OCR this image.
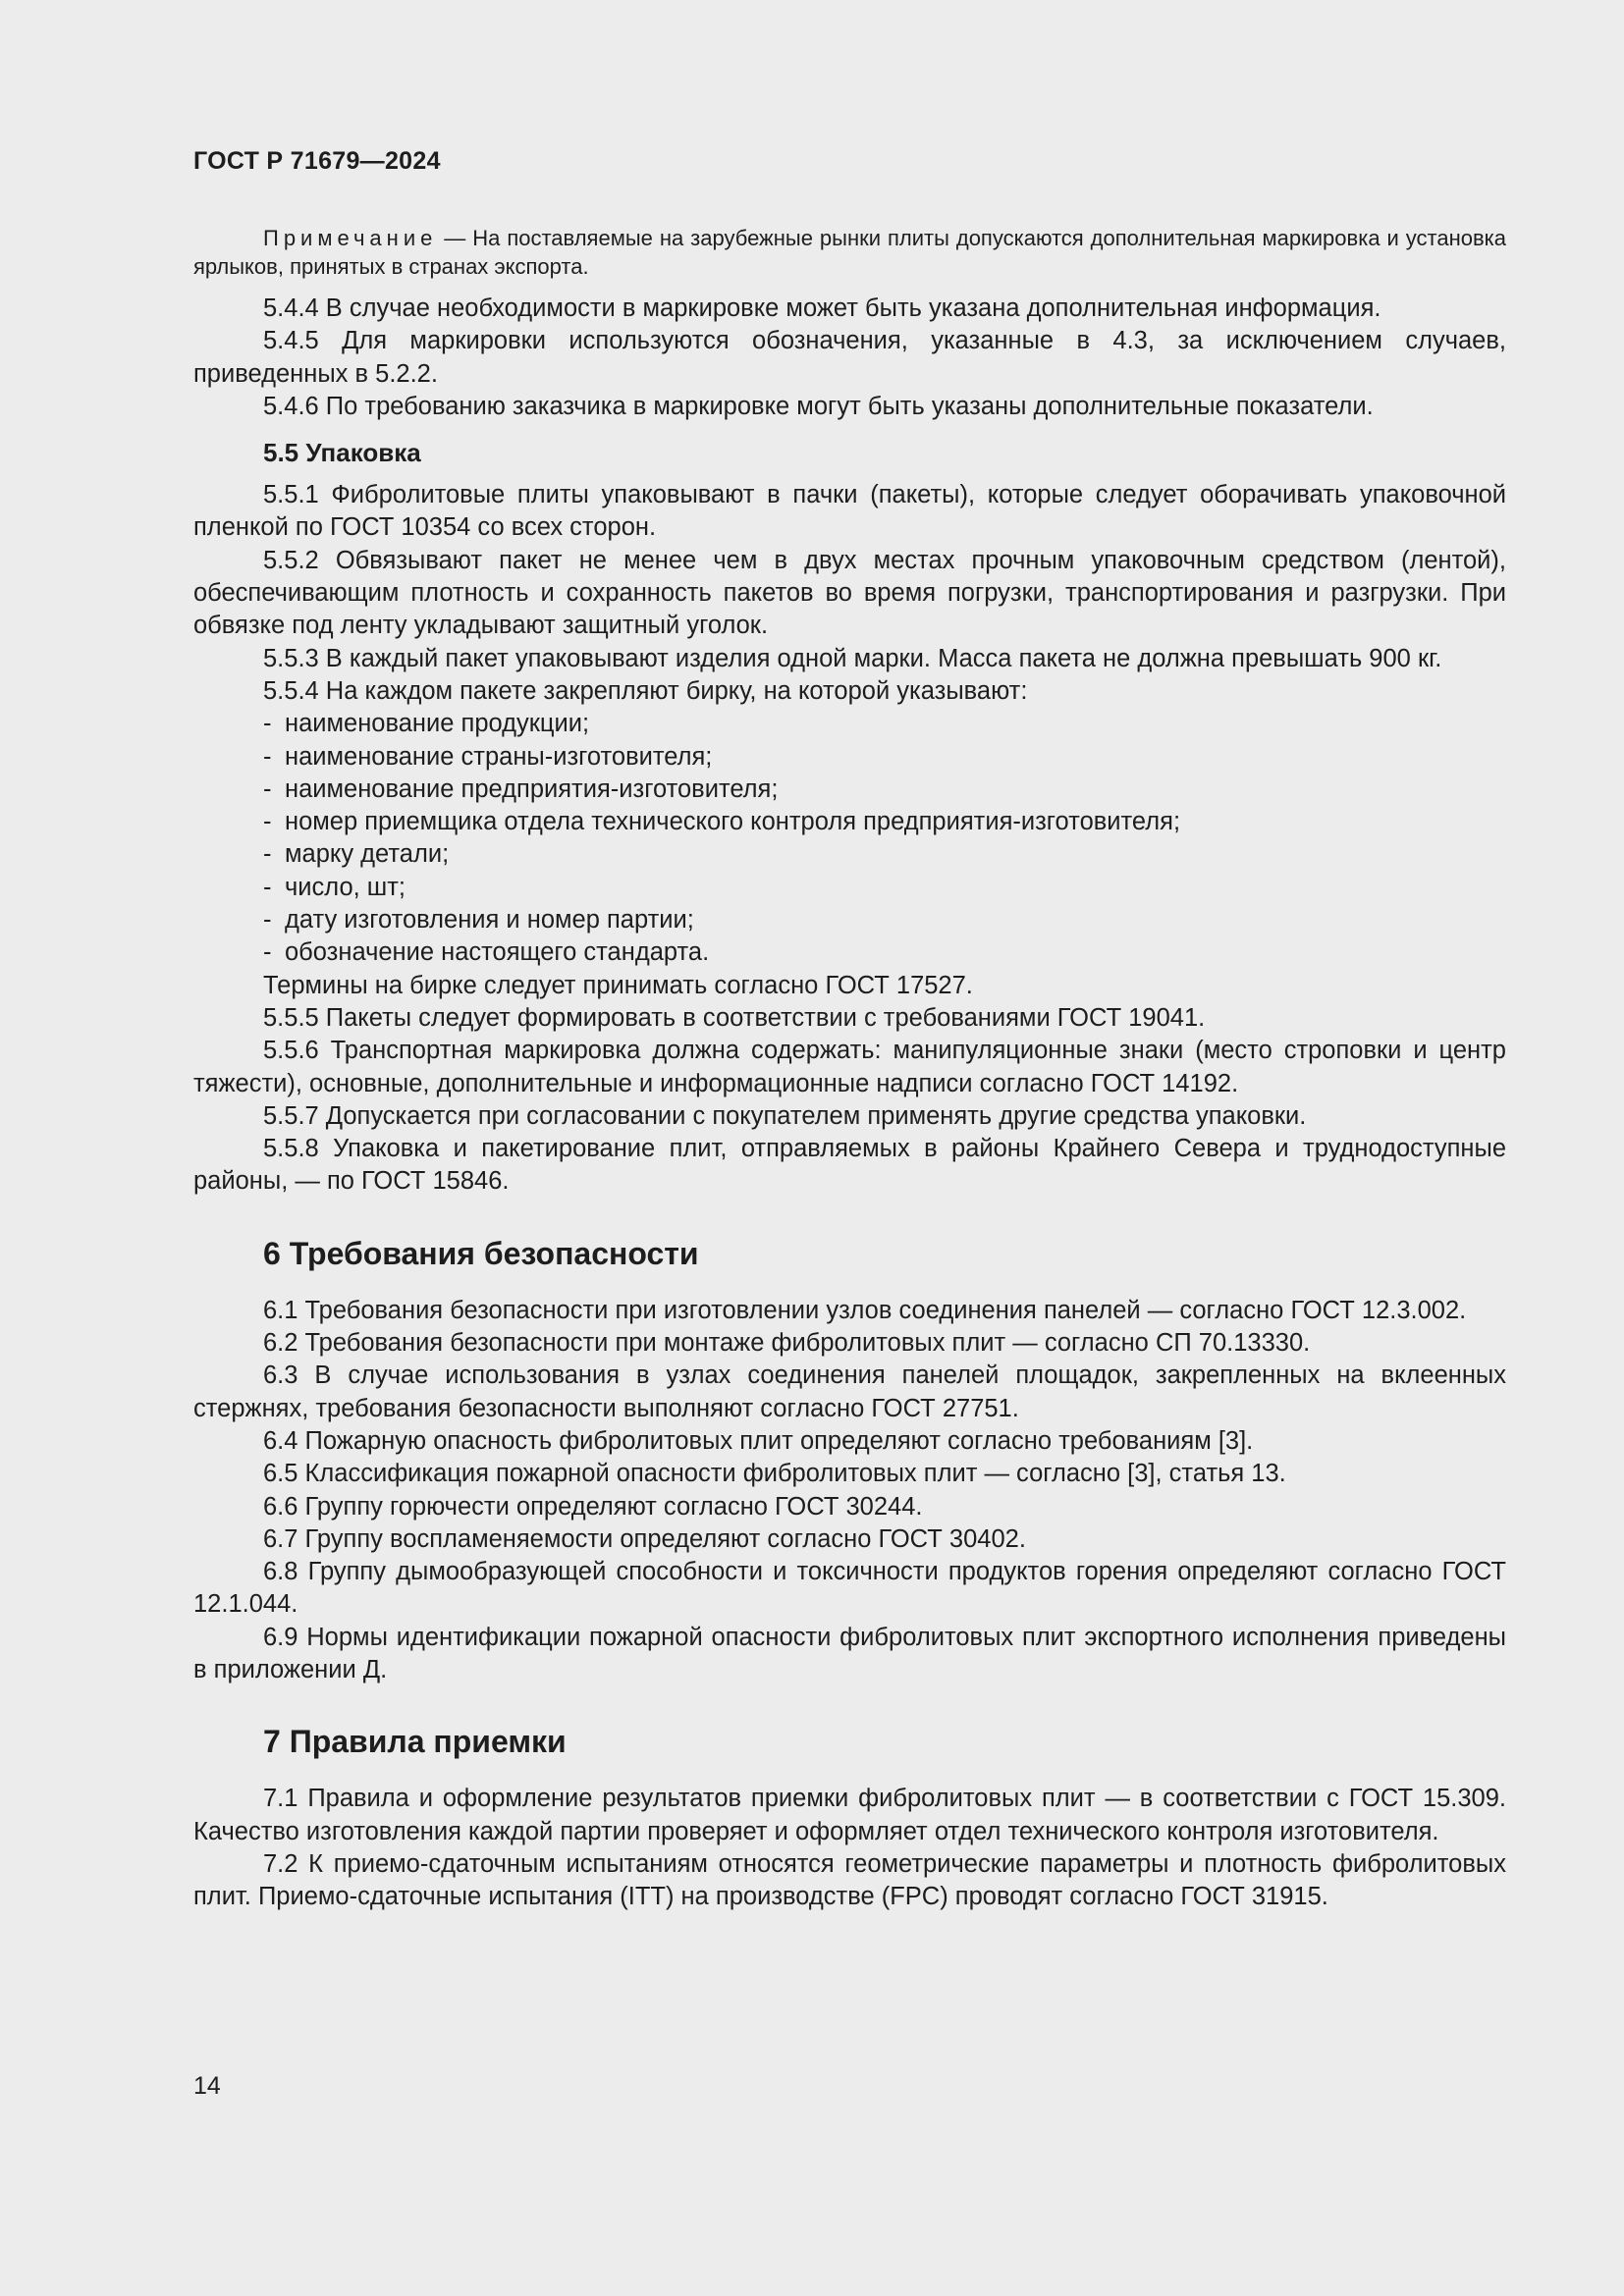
ГОСТ Р 71679—2024

Примечание — На поставляемые на зарубежные рынки плиты допускаются дополнительная маркировка и установка ярлыков, принятых в странах экспорта.

5.4.4 В случае необходимости в маркировке может быть указана дополнительная информация.

5.4.5 Для маркировки используются обозначения, указанные в 4.3, за исключением случаев, приведенных в 5.2.2.

5.4.6 По требованию заказчика в маркировке могут быть указаны дополнительные показатели.

5.5 Упаковка

5.5.1 Фибролитовые плиты упаковывают в пачки (пакеты), которые следует оборачивать упаковочной пленкой по ГОСТ 10354 со всех сторон.

5.5.2 Обвязывают пакет не менее чем в двух местах прочным упаковочным средством (лентой), обеспечивающим плотность и сохранность пакетов во время погрузки, транспортирования и разгрузки. При обвязке под ленту укладывают защитный уголок.

5.5.3 В каждый пакет упаковывают изделия одной марки. Масса пакета не должна превышать 900 кг.

5.5.4 На каждом пакете закрепляют бирку, на которой указывают:

- наименование продукции;
- наименование страны-изготовителя;
- наименование предприятия-изготовителя;
- номер приемщика отдела технического контроля предприятия-изготовителя;
- марку детали;
- число, шт;
- дату изготовления и номер партии;
- обозначение настоящего стандарта.

Термины на бирке следует принимать согласно ГОСТ 17527.

5.5.5 Пакеты следует формировать в соответствии с требованиями ГОСТ 19041.

5.5.6 Транспортная маркировка должна содержать: манипуляционные знаки (место строповки и центр тяжести), основные, дополнительные и информационные надписи согласно ГОСТ 14192.

5.5.7 Допускается при согласовании с покупателем применять другие средства упаковки.

5.5.8 Упаковка и пакетирование плит, отправляемых в районы Крайнего Севера и труднодоступные районы, — по ГОСТ 15846.

6 Требования безопасности

6.1 Требования безопасности при изготовлении узлов соединения панелей — согласно ГОСТ 12.3.002.

6.2 Требования безопасности при монтаже фибролитовых плит — согласно СП 70.13330.

6.3 В случае использования в узлах соединения панелей площадок, закрепленных на вклеенных стержнях, требования безопасности выполняют согласно ГОСТ 27751.

6.4 Пожарную опасность фибролитовых плит определяют согласно требованиям [3].

6.5 Классификация пожарной опасности фибролитовых плит — согласно [3], статья 13.

6.6 Группу горючести определяют согласно ГОСТ 30244.

6.7 Группу воспламеняемости определяют согласно ГОСТ 30402.

6.8 Группу дымообразующей способности и токсичности продуктов горения определяют согласно ГОСТ 12.1.044.

6.9 Нормы идентификации пожарной опасности фибролитовых плит экспортного исполнения приведены в приложении Д.

7 Правила приемки

7.1 Правила и оформление результатов приемки фибролитовых плит — в соответствии с ГОСТ 15.309. Качество изготовления каждой партии проверяет и оформляет отдел технического контроля изготовителя.

7.2 К приемо-сдаточным испытаниям относятся геометрические параметры и плотность фибролитовых плит. Приемо-сдаточные испытания (ITT) на производстве (FPC) проводят согласно ГОСТ 31915.

14
